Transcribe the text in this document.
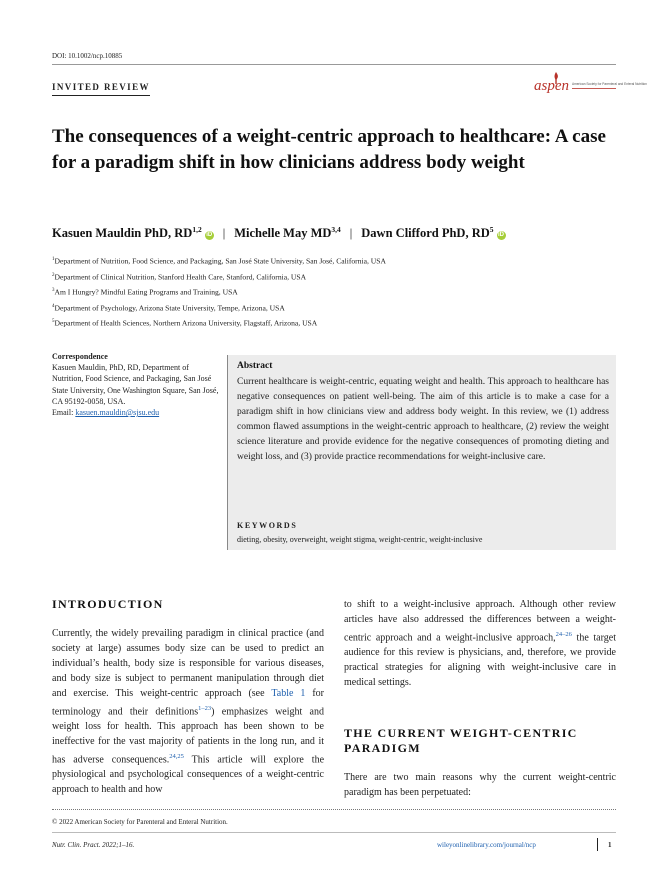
DOI: 10.1002/ncp.10885
INVITED REVIEW	aspen American Society for Parenteral and Enteral Nutrition
The consequences of a weight-centric approach to healthcare: A case for a paradigm shift in how clinicians address body weight
Kasuen Mauldin PhD, RD$^{1,2}$iD | Michelle May MD$^{3,4}$ | Dawn Clifford PhD, $RD^5iD$
$^1$Department of Nutrition, Food Science, and Packaging, San José State University, San José, California, USA
$^2$Department of Clinical Nutrition, Stanford Health Care, Stanford, California, USA
$^3$Am I Hungry? Mindful Eating Programs and Training, USA
$^4$Department of Psychology, Arizona State University, Tempe, Arizona, USA
$^5$Department of Health Sciences, Northern Arizona University, Flagstaff, Arizona, USA
Correspondence
Kasuen Mauldin, PhD, RD, Department of Nutrition, Food Science, and Packaging, San José State University, One Washington Square, San José, CA 95192-0058, USA.
Email: kasuen.mauldin@sjsu.edu
Abstract

Current healthcare is weight-centric, equating weight and health. This approach to healthcare has negative consequences on patient well-being. The aim of this article is to make a case for a paradigm shift in how clinicians view and address body weight. In this review, we (1) address common flawed assumptions in the weight-centric approach to healthcare, (2) review the weight science literature and provide evidence for the negative consequences of promoting dieting and weight loss, and (3) provide practice recommendations for weight-inclusive care.

KEYWORDS
dieting, obesity, overweight, weight stigma, weight-centric, weight-inclusive
INTRODUCTION

Currently, the widely prevailing paradigm in clinical practice (and society at large) assumes body size can be used to predict an individual’s health, body size is responsible for various diseases, and body size is subject to permanent manipulation through diet and exercise. This weight-centric approach (see Table 1 for terminology and their definitions$^{1-23}$) emphasizes weight and weight loss for health. This approach has been shown to be ineffective for the vast majority of patients in the long run, and it has adverse consequences.$^{24,25}$ This article will explore the physiological and psychological consequences of a weight-centric approach to health and how

to shift to a weight-inclusive approach. Although other review articles have also addressed the differences between a weight-centric approach and a weight-inclusive approach,$^{24-26}$ the target audience for this review is physicians, and, therefore, we provide practical strategies for aligning with weight-inclusive care in medical settings.

THE CURRENT WEIGHT-CENTRIC PARADIGM

There are two main reasons why the current weight-centric paradigm has been perpetuated:

© 2022 American Society for Parenteral and Enteral Nutrition.
Nutr. Clin. Pract. 2022;1–16.	wileyonlinelibrary.com/journal/ncp	1
